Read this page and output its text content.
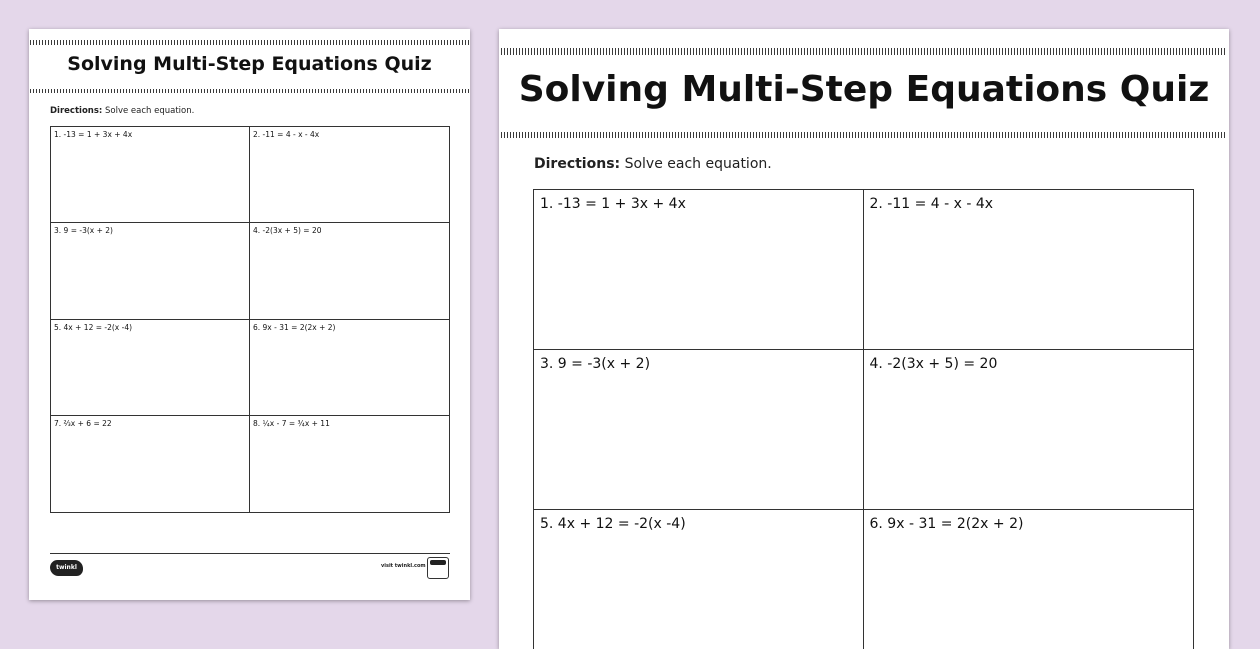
Solving Multi-Step Equations Quiz
Directions: Solve each equation.
1. -13 = 1 + 3x + 4x	2. -11 = 4 - x - 4x
3. 9 = -3(x + 2)	4. -2(3x + 5) = 20
5. 4x + 12 = -2(x -4)	6. 9x - 31 = 2(2x + 2)
7. ⅔x + 6 = 22	8. ¼x - 7 = ¾x + 11
twinkl	visit twinkl.com
Solving Multi-Step Equations Quiz
Directions: Solve each equation.
1. -13 = 1 + 3x + 4x	2. -11 = 4 - x - 4x
3. 9 = -3(x + 2)	4. -2(3x + 5) = 20
5. 4x + 12 = -2(x -4)	6. 9x - 31 = 2(2x + 2)
